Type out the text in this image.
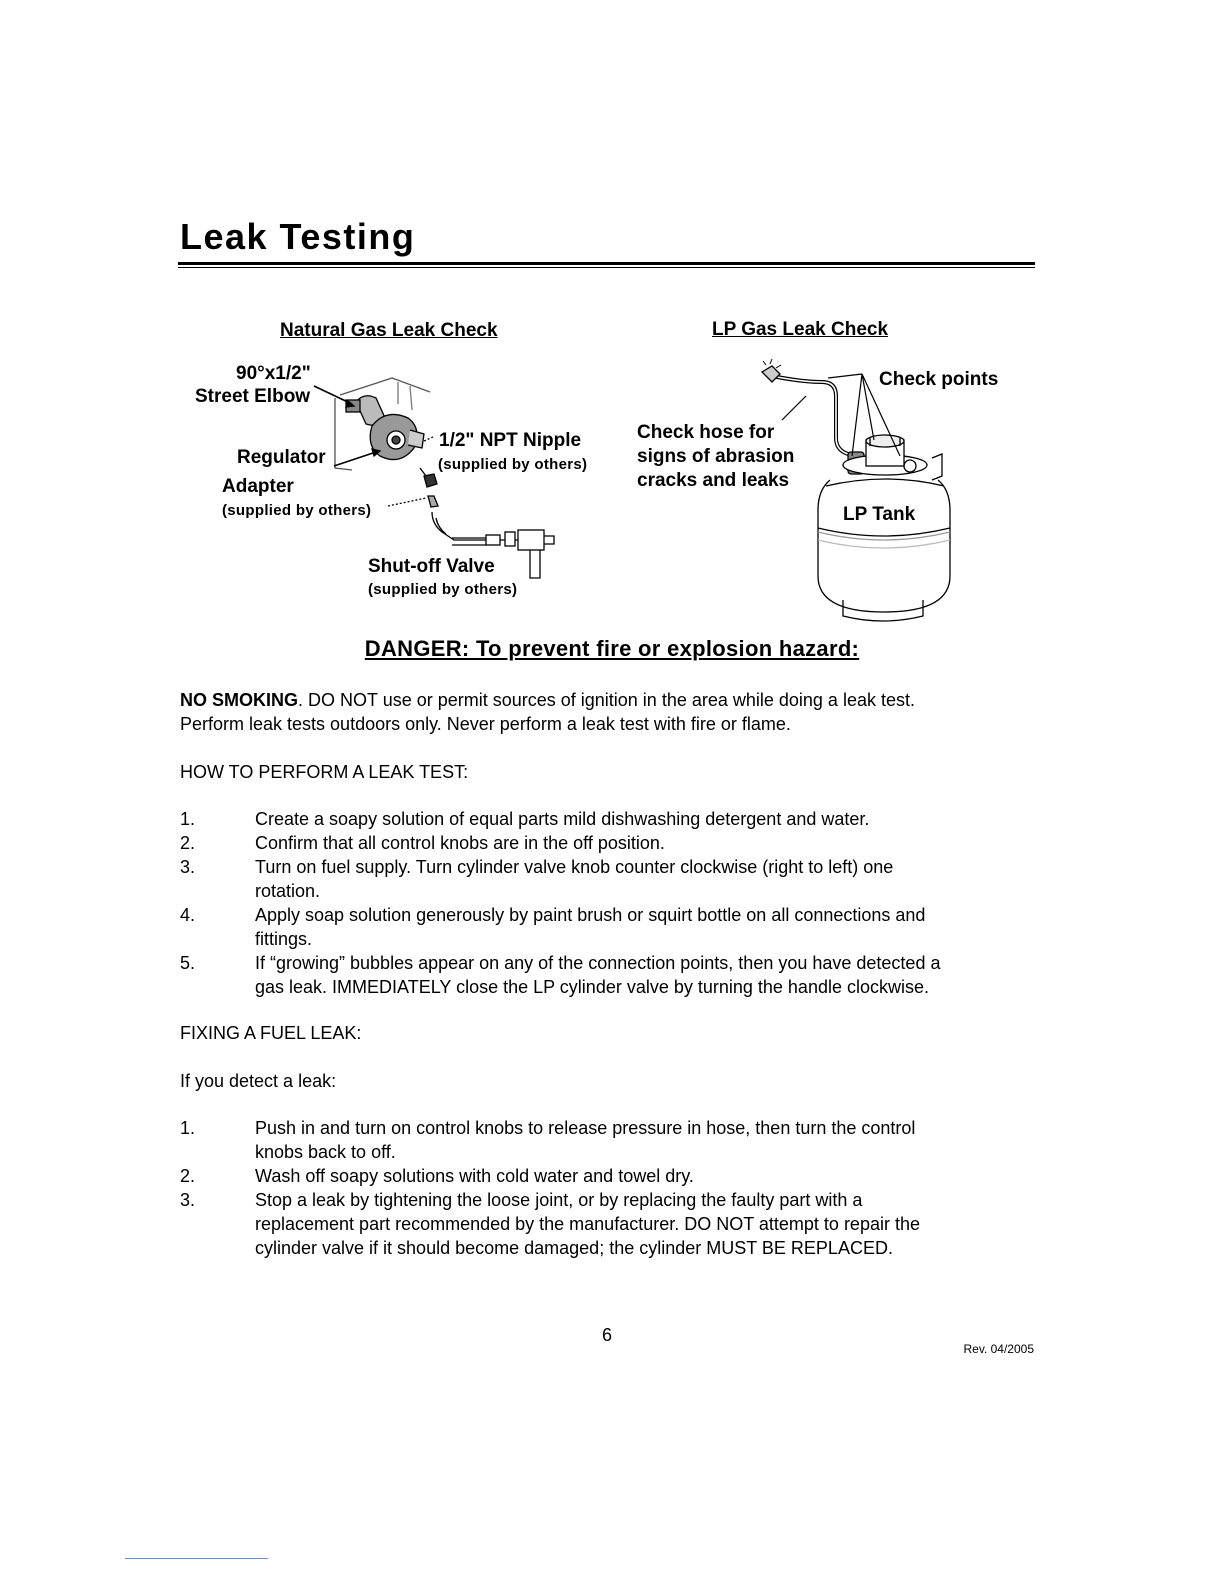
Leak Testing
Natural Gas Leak Check
90°x1/2"
Street Elbow
Regulator
1/2" NPT Nipple
(supplied by others)
Adapter
(supplied by others)
Shut-off Valve
(supplied by others)
LP Gas Leak Check
Check points
Check hose for
signs of abrasion
cracks and leaks
LP Tank
DANGER: To prevent fire or explosion hazard:
NO SMOKING. DO NOT use or permit sources of ignition in the area while doing a leak test.
Perform leak tests outdoors only. Never perform a leak test with fire or flame.
HOW TO PERFORM A LEAK TEST:
1.	Create a soapy solution of equal parts mild dishwashing detergent and water.
2.	Confirm that all control knobs are in the off position.
3.	Turn on fuel supply. Turn cylinder valve knob counter clockwise (right to left) one
rotation.
4.	Apply soap solution generously by paint brush or squirt bottle on all connections and
fittings.
5.	If “growing” bubbles appear on any of the connection points, then you have detected a
gas leak. IMMEDIATELY close the LP cylinder valve by turning the handle clockwise.
FIXING A FUEL LEAK:
If you detect a leak:
1.	Push in and turn on control knobs to release pressure in hose, then turn the control
knobs back to off.
2.	Wash off soapy solutions with cold water and towel dry.
3.	Stop a leak by tightening the loose joint, or by replacing the faulty part with a
replacement part recommended by the manufacturer. DO NOT attempt to repair the
cylinder valve if it should become damaged; the cylinder MUST BE REPLACED.
6
Rev. 04/2005
